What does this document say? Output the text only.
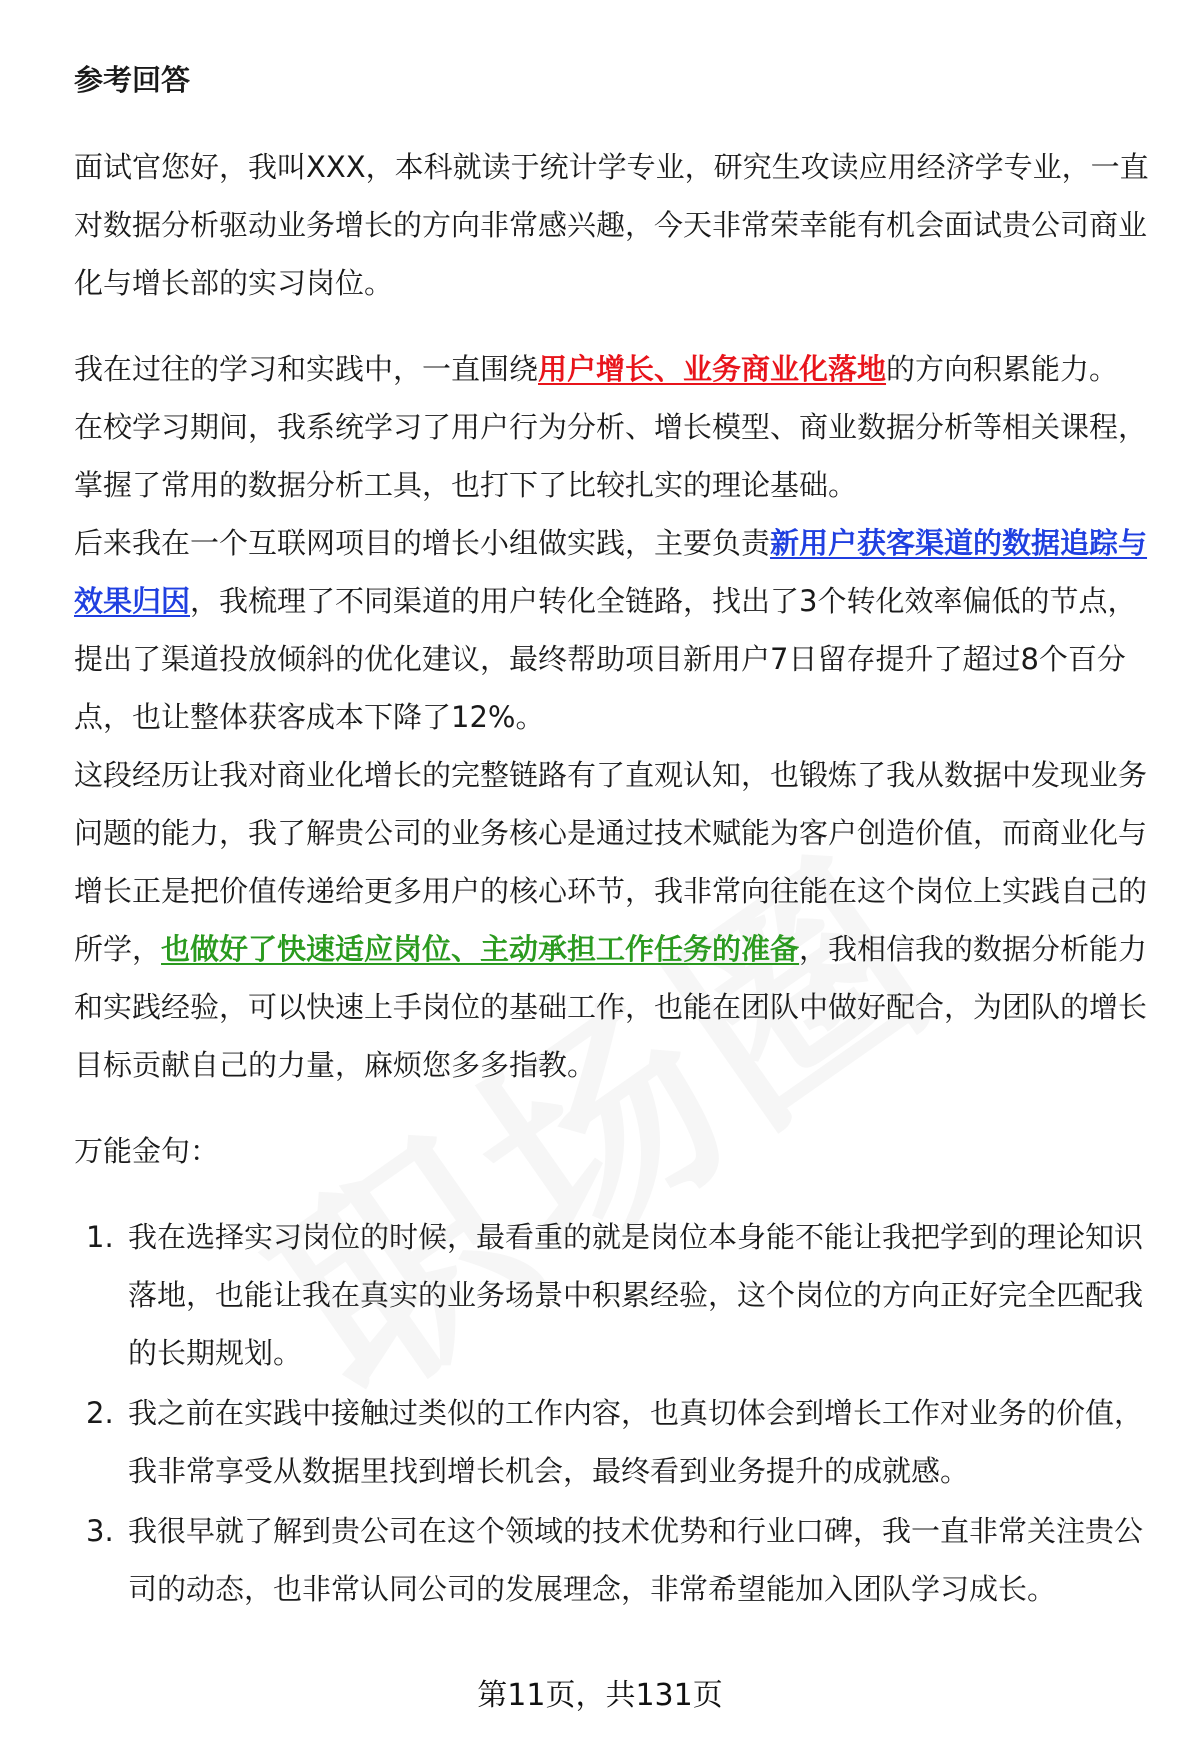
参考回答

面试官您好，我叫XXX，本科就读于统计学专业，研究生攻读应用经济学专业，一直对数据分析驱动业务增长的方向非常感兴趣，今天非常荣幸能有机会面试贵公司商业化与增长部的实习岗位。

我在过往的学习和实践中，一直围绕用户增长、业务商业化落地的方向积累能力。

在校学习期间，我系统学习了用户行为分析、增长模型、商业数据分析等相关课程，掌握了常用的数据分析工具，也打下了比较扎实的理论基础。

后来我在一个互联网项目的增长小组做实践，主要负责新用户获客渠道的数据追踪与效果归因，我梳理了不同渠道的用户转化全链路，找出了3个转化效率偏低的节点，提出了渠道投放倾斜的优化建议，最终帮助项目新用户7日留存提升了超过8个百分点，也让整体获客成本下降了12%。

这段经历让我对商业化增长的完整链路有了直观认知，也锻炼了我从数据中发现业务问题的能力，我了解贵公司的业务核心是通过技术赋能为客户创造价值，而商业化与增长正是把价值传递给更多用户的核心环节，我非常向往能在这个岗位上实践自己的所学，也做好了快速适应岗位、主动承担工作任务的准备，我相信我的数据分析能力和实践经验，可以快速上手岗位的基础工作，也能在团队中做好配合，为团队的增长目标贡献自己的力量，麻烦您多多指教。

万能金句：

1. 我在选择实习岗位的时候，最看重的就是岗位本身能不能让我把学到的理论知识落地，也能让我在真实的业务场景中积累经验，这个岗位的方向正好完全匹配我的长期规划。
2. 我之前在实践中接触过类似的工作内容，也真切体会到增长工作对业务的价值，我非常享受从数据里找到增长机会，最终看到业务提升的成就感。
3. 我很早就了解到贵公司在这个领域的技术优势和行业口碑，我一直非常关注贵公司的动态，也非常认同公司的发展理念，非常希望能加入团队学习成长。
第11页，共131页
